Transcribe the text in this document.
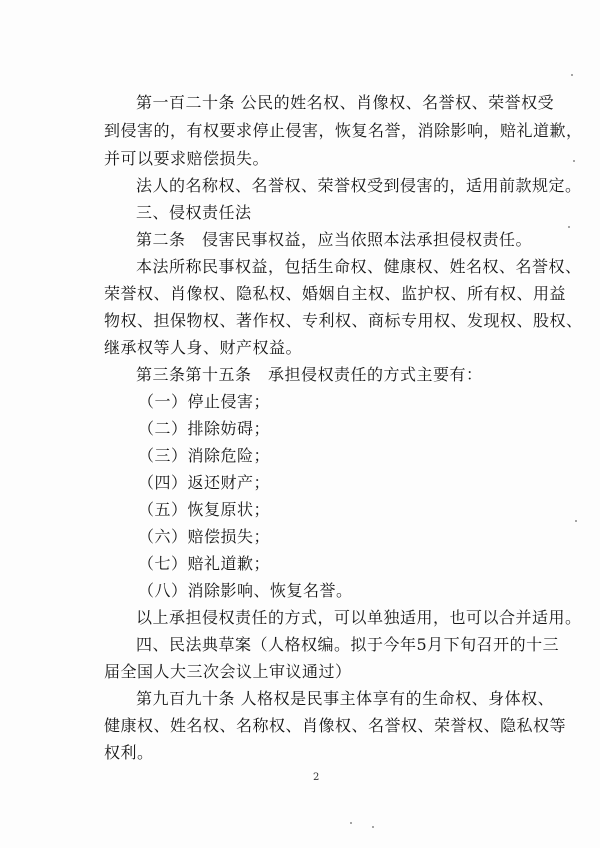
第一百二十条 公民的姓名权、肖像权、名誉权、荣誉权受
到侵害的，有权要求停止侵害，恢复名誉，消除影响，赔礼道歉，
并可以要求赔偿损失。
法人的名称权、名誉权、荣誉权受到侵害的，适用前款规定。
三、侵权责任法
第二条　侵害民事权益，应当依照本法承担侵权责任。
本法所称民事权益，包括生命权、健康权、姓名权、名誉权、
荣誉权、肖像权、隐私权、婚姻自主权、监护权、所有权、用益
物权、担保物权、著作权、专利权、商标专用权、发现权、股权、
继承权等人身、财产权益。
第三条第十五条　承担侵权责任的方式主要有：
（一）停止侵害；
（二）排除妨碍；
（三）消除危险；
（四）返还财产；
（五）恢复原状；
（六）赔偿损失；
（七）赔礼道歉；
（八）消除影响、恢复名誉。
以上承担侵权责任的方式，可以单独适用，也可以合并适用。
四、民法典草案（人格权编。拟于今年5月下旬召开的十三
届全国人大三次会议上审议通过）
第九百九十条 人格权是民事主体享有的生命权、身体权、
健康权、姓名权、名称权、肖像权、名誉权、荣誉权、隐私权等
权利。
2
